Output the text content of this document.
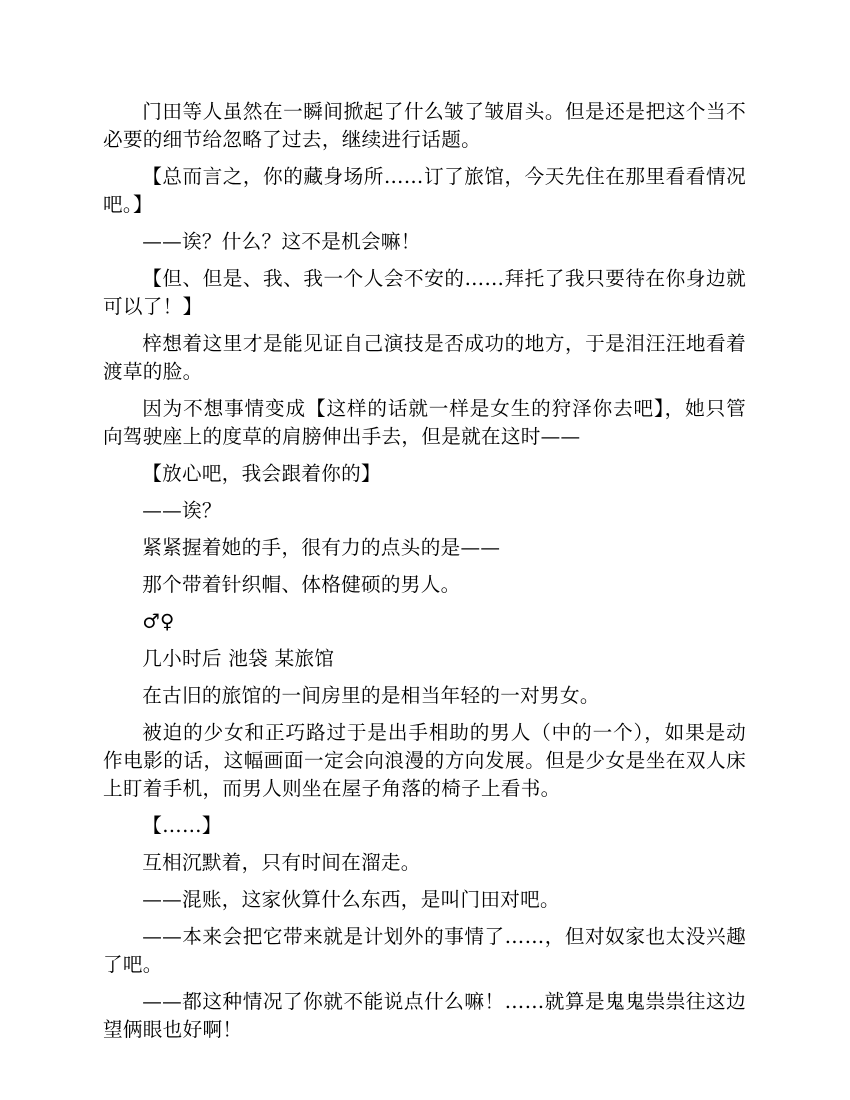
门田等人虽然在一瞬间掀起了什么皱了皱眉头。但是还是把这个当不必要的细节给忽略了过去，继续进行话题。

【总而言之，你的藏身场所……订了旅馆，今天先住在那里看看情况吧。】

——诶？什么？这不是机会嘛！

【但、但是、我、我一个人会不安的……拜托了我只要待在你身边就可以了！】

梓想着这里才是能见证自己演技是否成功的地方，于是泪汪汪地看着渡草的脸。

因为不想事情变成【这样的话就一样是女生的狩泽你去吧】，她只管向驾驶座上的度草的肩膀伸出手去，但是就在这时——

【放心吧，我会跟着你的】

——诶？

紧紧握着她的手，很有力的点头的是——

那个带着针织帽、体格健硕的男人。

♂♀

几小时后 池袋 某旅馆

在古旧的旅馆的一间房里的是相当年轻的一对男女。

被迫的少女和正巧路过于是出手相助的男人（中的一个），如果是动作电影的话，这幅画面一定会向浪漫的方向发展。但是少女是坐在双人床上盯着手机，而男人则坐在屋子角落的椅子上看书。

【……】

互相沉默着，只有时间在溜走。

——混账，这家伙算什么东西，是叫门田对吧。

——本来会把它带来就是计划外的事情了……，但对奴家也太没兴趣了吧。

——都这种情况了你就不能说点什么嘛！……就算是鬼鬼祟祟往这边望俩眼也好啊！
